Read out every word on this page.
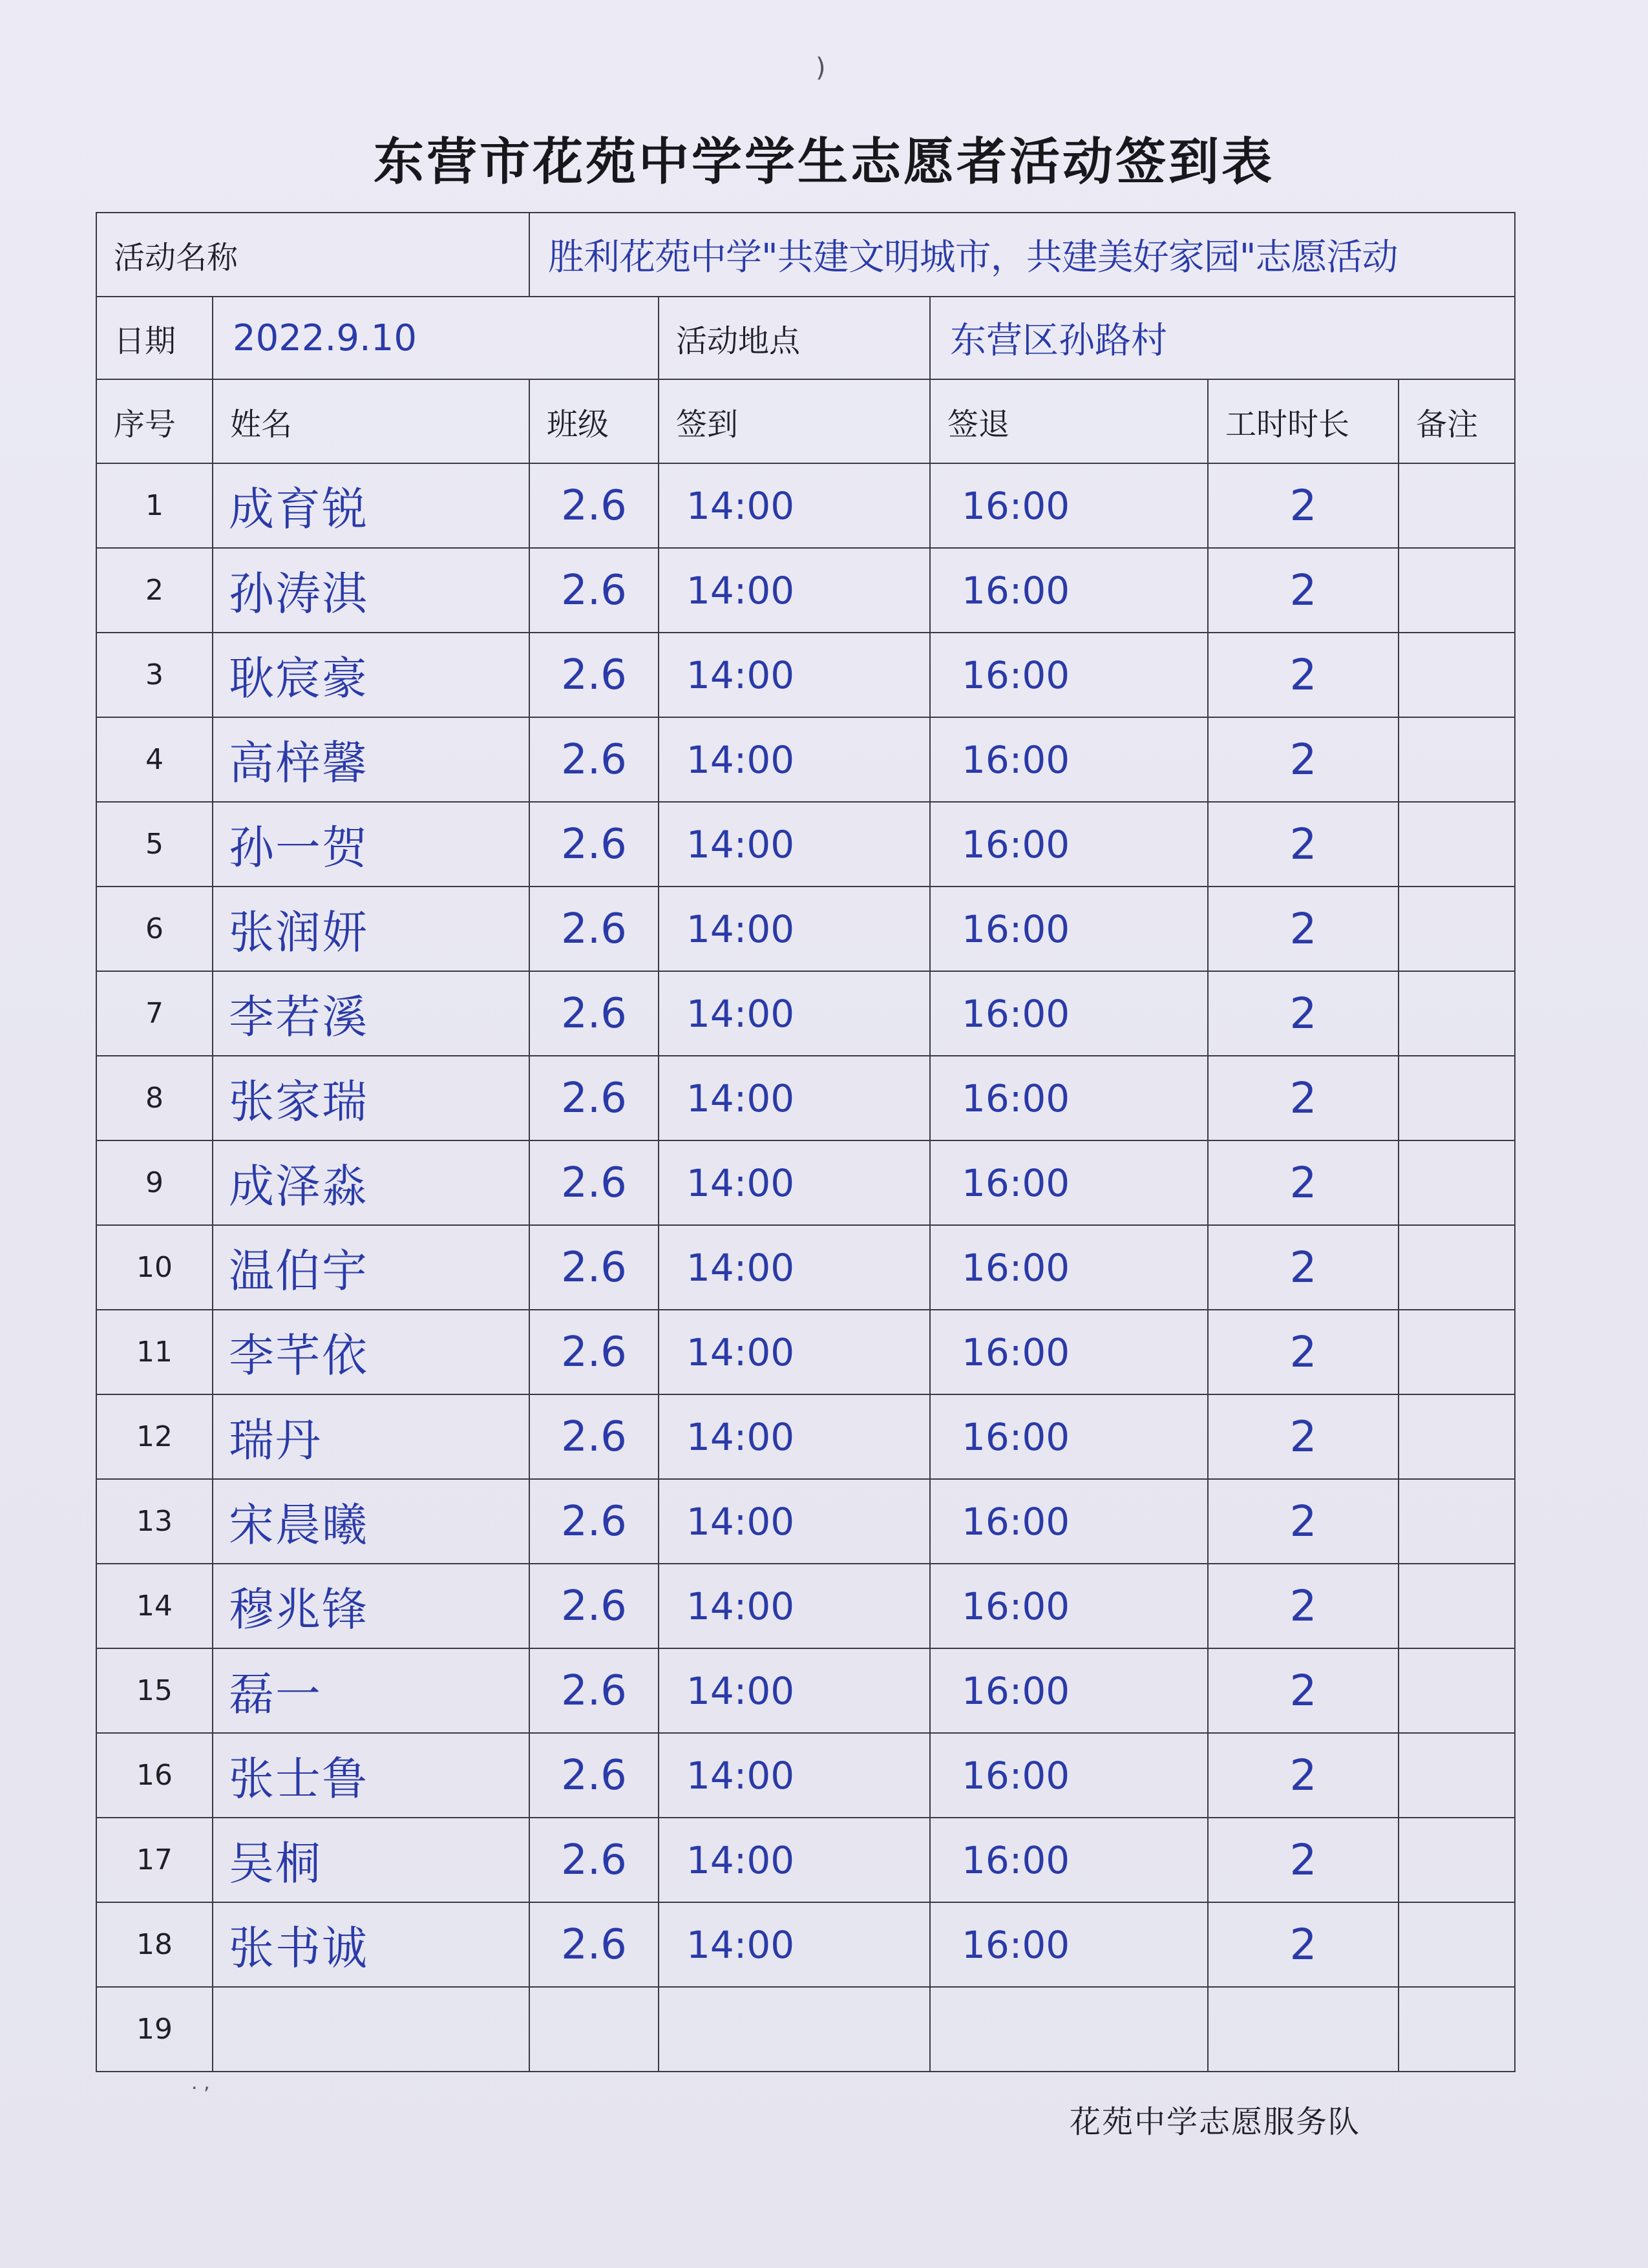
)
. ,
东营市花苑中学学生志愿者活动签到表
活动名称		胜利花苑中学"共建文明城市，共建美好家园"志愿活动				
日期	2022.9.10		活动地点	东营区孙路村		
序号	姓名	班级	签到	签退	工时时长	备注
1	成育锐	2.6	14:00	16:00	2	
2	孙涛淇	2.6	14:00	16:00	2	
3	耿宸豪	2.6	14:00	16:00	2	
4	高梓馨	2.6	14:00	16:00	2	
5	孙一贺	2.6	14:00	16:00	2	
6	张润妍	2.6	14:00	16:00	2	
7	李若溪	2.6	14:00	16:00	2	
8	张家瑞	2.6	14:00	16:00	2	
9	成泽淼	2.6	14:00	16:00	2	
10	温伯宇	2.6	14:00	16:00	2	
11	李芊依	2.6	14:00	16:00	2	
12	瑞丹	2.6	14:00	16:00	2	
13	宋晨曦	2.6	14:00	16:00	2	
14	穆兆锋	2.6	14:00	16:00	2	
15	磊一	2.6	14:00	16:00	2	
16	张士鲁	2.6	14:00	16:00	2	
17	吴桐	2.6	14:00	16:00	2	
18	张书诚	2.6	14:00	16:00	2	
19						
花苑中学志愿服务队
